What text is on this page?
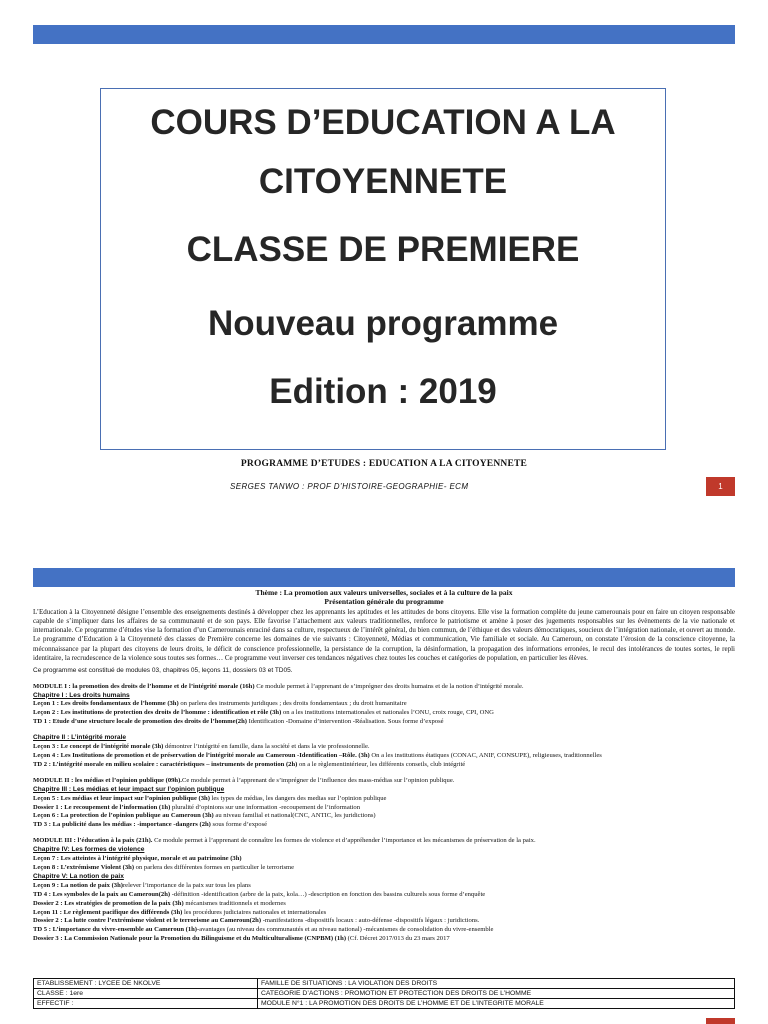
COURS D’EDUCATION A LA
CITOYENNETE
CLASSE DE PREMIERE
Nouveau programme
Edition : 2019
PROGRAMME D’ETUDES : EDUCATION A LA CITOYENNETE
SERGES TANWO : PROF D’HISTOIRE-GEOGRAPHIE- ECM	1
Thème : La promotion aux valeurs universelles, sociales et à la culture de la paix
Présentation générale du programme
L’Education à la Citoyenneté désigne l’ensemble des enseignements destinés à développer chez les apprenants les aptitudes et les attitudes de bons citoyens. Elle vise la formation complète du jeune camerounais pour en faire un citoyen responsable capable de s’impliquer dans les affaires de sa communauté et de son pays. Elle favorise l’attachement aux valeurs traditionnelles, renforce le patriotisme et amène à poser des jugements responsables sur les évènements de la vie nationale et internationale. Ce programme d’études vise la formation d’un Camerounais enraciné dans sa culture, respectueux de l’intérêt général, du bien commun, de l’éthique et des valeurs démocratiques, soucieux de l’intégration nationale, et ouvert au monde. Le programme d’Education à la Citoyenneté des classes de Première concerne les domaines de vie suivants : Citoyenneté, Médias et communication, Vie familiale et sociale. Au Cameroun, on constate l’érosion de la conscience citoyenne, la méconnaissance par la plupart des citoyens de leurs droits, le déficit de conscience professionnelle, la persistance de la corruption, la désinformation, la propagation des informations erronées, le recul des intolérances de toutes sortes, le repli identitaire, la recrudescence de la violence sous toutes ses formes… Ce programme veut inverser ces tendances négatives chez toutes les couches et catégories de population, en particulier les élèves.
Ce programme est constitué de modules 03, chapitres 05, leçons 11, dossiers 03 et TD05.
MODULE I : la promotion des droits de l’homme et de l’intégrité morale (16h) Ce module permet à l’apprenant de s’imprégner des droits humains et de la notion d’intégrité morale.
Chapitre I : Les droits humains
Leçon 1 : Les droits fondamentaux de l’homme (3h) on parlera des instruments juridiques ; des droits fondamentaux ; du droit humanitaire
Leçon 2 : Les institutions de protection des droits de l’homme : identification et rôle (3h) on a les institutions internationales et nationales l’ONU, croix rouge, CPI, ONG
TD 1 : Etude d’une structure locale de promotion des droits de l’homme(2h) Identification -Domaine d’intervention -Réalisation. Sous forme d’exposé
Chapitre II : L’intégrité morale
Leçon 3 : Le concept de l’intégrité morale (3h) démontrer l’intégrité en famille, dans la société et dans la vie professionnelle.
Leçon 4 : Les Institutions de promotion et de préservation de l’intégrité morale au Cameroun -Identification –Rôle. (3h) On a les institutions étatiques (CONAC, ANIF, CONSUPE), religieuses, traditionnelles
TD 2 : L’intégrité morale en milieu scolaire : caractéristiques – instruments de promotion (2h) on a le règlementintérieur, les différents conseils, club intégrité
MODULE II : les médias et l’opinion publique (09h).Ce module permet à l’apprenant de s’imprégner de l’influence des mass-médias sur l’opinion publique.
Chapitre III : Les médias et leur impact sur l’opinion publique
Leçon 5 : Les médias et leur impact sur l’opinion publique (3h) les types de médias, les dangers des medias sur l’opinion publique
Dossier 1 : Le recoupement de l’information (1h) pluralité d’opinions sur une information -recoupement de l’information
Leçon 6 : La protection de l’opinion publique au Cameroun (3h) au niveau familial et national(CNC, ANTIC, les juridictions)
TD 3 : La publicité dans les médias : -importance -dangers (2h) sous forme d’exposé
MODULE III : l’éducation à la paix (21h). Ce module permet à l’apprenant de connaître les formes de violence et d’appréhender l’importance et les mécanismes de préservation de la paix.
Chapitre IV: Les formes de violence
Leçon 7 : Les atteintes à l’intégrité physique, morale et au patrimoine (3h)
Leçon 8 : L’extrémisme Violent (3h) on parlera des différentes formes en particulier le terrorisme
Chapitre V: La notion de paix
Leçon 9 : La notion de paix (3h)relever l’importance de la paix sur tous les plans
TD 4 : Les symboles de la paix au Cameroun(2h) -définition -identification (arbre de la paix, kola…) -description en fonction des bassins culturels sous forme d’enquête
Dossier 2 : Les stratégies de promotion de la paix (3h) mécanismes traditionnels et modernes
Leçon 11 : Le règlement pacifique des différends (3h) les procédures judiciaires nationales et internationales
Dossier 2 : La lutte contre l’extrémisme violent et le terrorisme au Cameroun(2h) -manifestations -dispositifs locaux : auto-défense -dispositifs légaux : juridictions.
TD 5 : L’importance du vivre-ensemble au Cameroun (1h)-avantages (au niveau des communautés et au niveau national) -mécanismes de consolidation du vivre-ensemble
Dossier 3 : La Commission Nationale pour la Promotion du Bilinguisme et du Multiculturalisme (CNPBM) (1h) (Cf. Décret 2017/013 du 23 mars 2017
ETABLISSEMENT : LYCEE DE NKOLVE	FAMILLE DE SITUATIONS : LA VIOLATION DES DROITS
CLASSE : 1ere	CATEGORIE D’ACTIONS : PROMOTION ET PROTECTION DES DROITS DE L’HOMME
EFFECTIF :	MODULE N°1 : LA PROMOTION DES DROITS DE L’HOMME ET DE L’INTEGRITE MORALE
